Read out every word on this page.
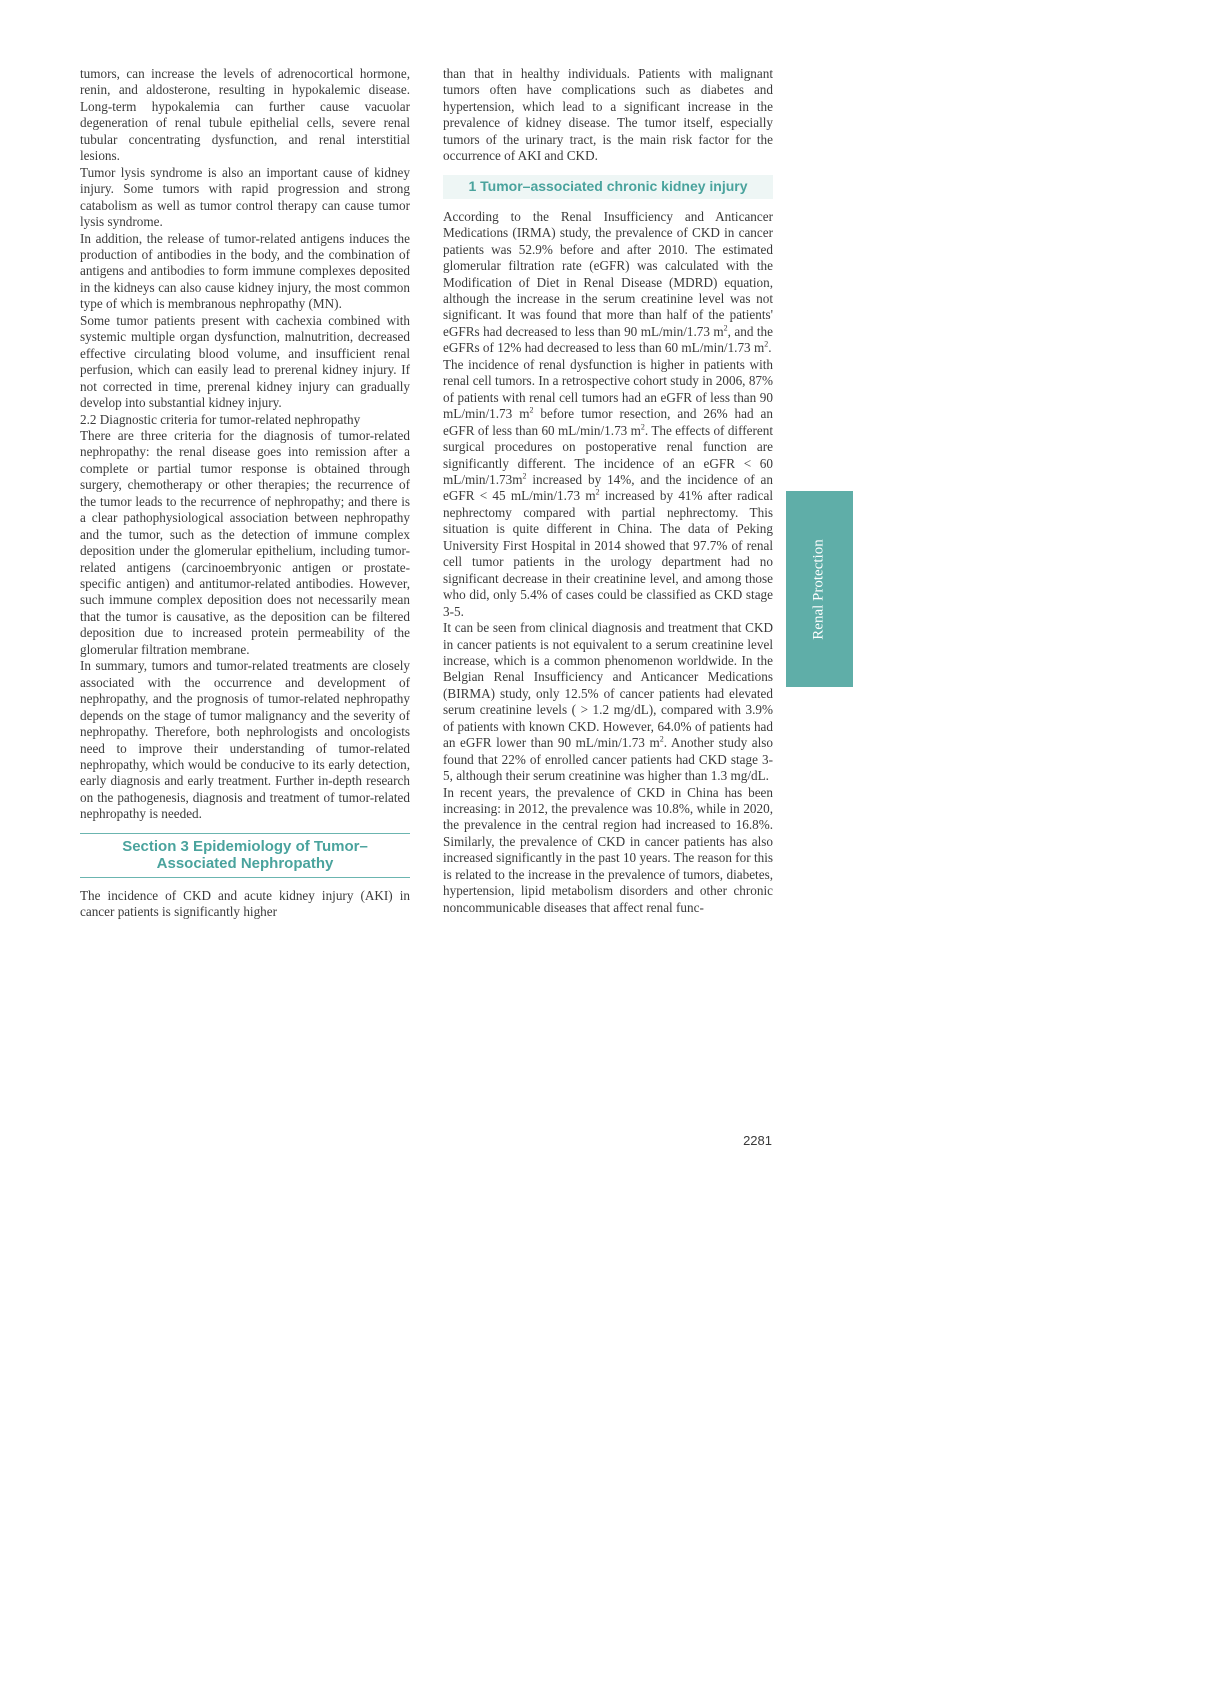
tumors, can increase the levels of adrenocortical hormone, renin, and aldosterone, resulting in hypokalemic disease. Long-term hypokalemia can further cause vacuolar degeneration of renal tubule epithelial cells, severe renal tubular concentrating dysfunction, and renal interstitial lesions.

Tumor lysis syndrome is also an important cause of kidney injury. Some tumors with rapid progression and strong catabolism as well as tumor control therapy can cause tumor lysis syndrome.

In addition, the release of tumor-related antigens induces the production of antibodies in the body, and the combination of antigens and antibodies to form immune complexes deposited in the kidneys can also cause kidney injury, the most common type of which is membranous nephropathy (MN).

Some tumor patients present with cachexia combined with systemic multiple organ dysfunction, malnutrition, decreased effective circulating blood volume, and insufficient renal perfusion, which can easily lead to prerenal kidney injury. If not corrected in time, prerenal kidney injury can gradually develop into substantial kidney injury.

2.2 Diagnostic criteria for tumor-related nephropathy

There are three criteria for the diagnosis of tumor-related nephropathy: the renal disease goes into remission after a complete or partial tumor response is obtained through surgery, chemotherapy or other therapies; the recurrence of the tumor leads to the recurrence of nephropathy; and there is a clear pathophysiological association between nephropathy and the tumor, such as the detection of immune complex deposition under the glomerular epithelium, including tumor-related antigens (carcinoembryonic antigen or prostate-specific antigen) and antitumor-related antibodies. However, such immune complex deposition does not necessarily mean that the tumor is causative, as the deposition can be filtered deposition due to increased protein permeability of the glomerular filtration membrane.

In summary, tumors and tumor-related treatments are closely associated with the occurrence and development of nephropathy, and the prognosis of tumor-related nephropathy depends on the stage of tumor malignancy and the severity of nephropathy. Therefore, both nephrologists and oncologists need to improve their understanding of tumor-related nephropathy, which would be conducive to its early detection, early diagnosis and early treatment. Further in-depth research on the pathogenesis, diagnosis and treatment of tumor-related nephropathy is needed.

Section 3 Epidemiology of Tumor–
Associated Nephropathy

The incidence of CKD and acute kidney injury (AKI) in cancer patients is significantly higher

than that in healthy individuals. Patients with malignant tumors often have complications such as diabetes and hypertension, which lead to a significant increase in the prevalence of kidney disease. The tumor itself, especially tumors of the urinary tract, is the main risk factor for the occurrence of AKI and CKD.

1 Tumor–associated chronic kidney injury

According to the Renal Insufficiency and Anticancer Medications (IRMA) study, the prevalence of CKD in cancer patients was 52.9% before and after 2010. The estimated glomerular filtration rate (eGFR) was calculated with the Modification of Diet in Renal Disease (MDRD) equation, although the increase in the serum creatinine level was not significant. It was found that more than half of the patients' eGFRs had decreased to less than 90 mL/min/1.73 $m^2$, and the eGFRs of 12% had decreased to less than 60 mL/min/1.73 $m^2$.

The incidence of renal dysfunction is higher in patients with renal cell tumors. In a retrospective cohort study in 2006, 87% of patients with renal cell tumors had an eGFR of less than 90 mL/min/1.73 $m^2$ before tumor resection, and 26% had an eGFR of less than 60 mL/min/1.73 $m^2$. The effects of different surgical procedures on postoperative renal function are significantly different. The incidence of an eGFR < 60 $mL/\min/1.73m^2$ increased by 14%, and the incidence of an eGFR < 45 mL/min/1.73 $m^2$ increased by 41% after radical nephrectomy compared with partial nephrectomy. This situation is quite different in China. The data of Peking University First Hospital in 2014 showed that 97.7% of renal cell tumor patients in the urology department had no significant decrease in their creatinine level, and among those who did, only 5.4% of cases could be classified as CKD stage 3-5.

It can be seen from clinical diagnosis and treatment that CKD in cancer patients is not equivalent to a serum creatinine level increase, which is a common phenomenon worldwide. In the Belgian Renal Insufficiency and Anticancer Medications (BIRMA) study, only 12.5% of cancer patients had elevated serum creatinine levels ( > 1.2 mg/dL), compared with 3.9% of patients with known CKD. However, 64.0% of patients had an eGFR lower than 90 mL/min/1.73 $m^2$. Another study also found that 22% of enrolled cancer patients had CKD stage 3-5, although their serum creatinine was higher than 1.3 mg/dL.

In recent years, the prevalence of CKD in China has been increasing: in 2012, the prevalence was 10.8%, while in 2020, the prevalence in the central region had increased to 16.8%. Similarly, the prevalence of CKD in cancer patients has also increased significantly in the past 10 years. The reason for this is related to the increase in the prevalence of tumors, diabetes, hypertension, lipid metabolism disorders and other chronic noncommunicable diseases that affect renal func-

Renal Protection
2281
